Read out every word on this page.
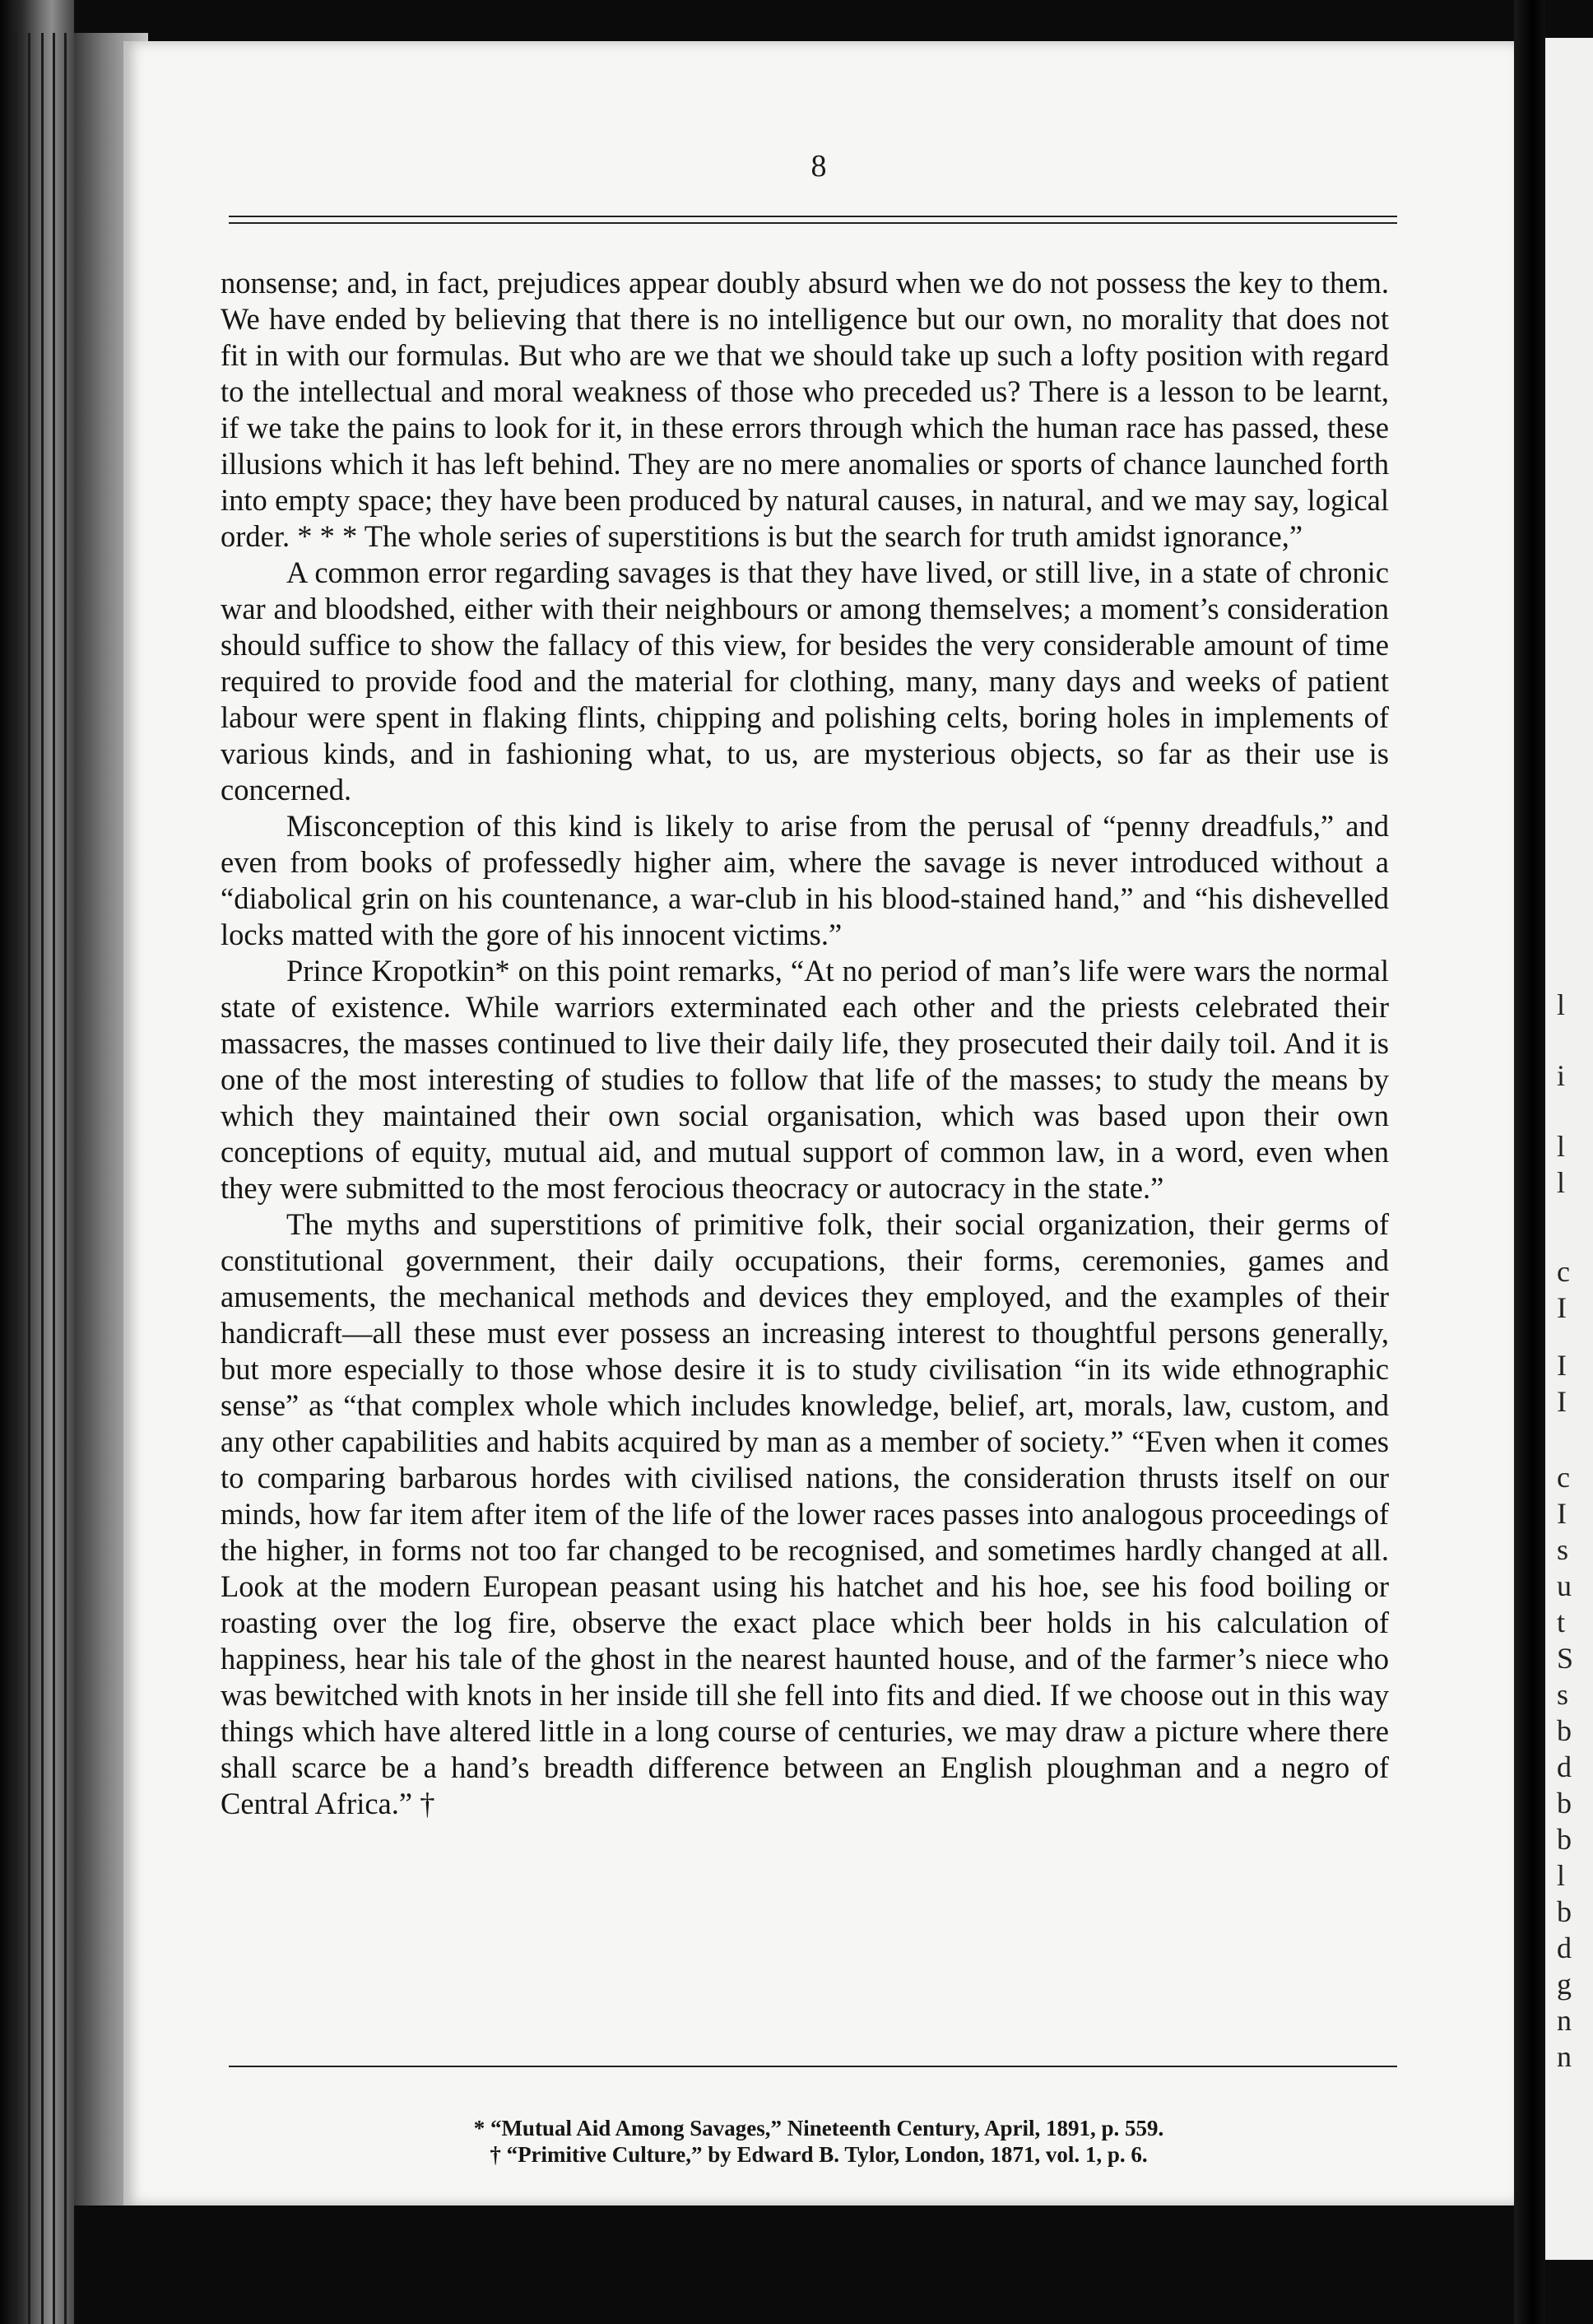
8

nonsense; and, in fact, prejudices appear doubly absurd when we do not possess the key to them. We have ended by believing that there is no intelligence but our own, no morality that does not fit in with our formulas. But who are we that we should take up such a lofty position with regard to the intellectual and moral weakness of those who preceded us? There is a lesson to be learnt, if we take the pains to look for it, in these errors through which the human race has passed, these illusions which it has left behind. They are no mere anomalies or sports of chance launched forth into empty space; they have been produced by natural causes, in natural, and we may say, logical order. * * * The whole series of superstitions is but the search for truth amidst ignorance,”

A common error regarding savages is that they have lived, or still live, in a state of chronic war and bloodshed, either with their neighbours or among themselves; a moment’s consideration should suffice to show the fallacy of this view, for besides the very considerable amount of time required to provide food and the material for clothing, many, many days and weeks of patient labour were spent in flaking flints, chipping and polishing celts, boring holes in implements of various kinds, and in fashioning what, to us, are mysterious objects, so far as their use is concerned.

Misconception of this kind is likely to arise from the perusal of “penny dreadfuls,” and even from books of professedly higher aim, where the savage is never introduced without a “diabolical grin on his countenance, a war-club in his blood-stained hand,” and “his dishevelled locks matted with the gore of his innocent victims.”

Prince Kropotkin* on this point remarks, “At no period of man’s life were wars the normal state of existence. While warriors exterminated each other and the priests celebrated their massacres, the masses continued to live their daily life, they prosecuted their daily toil. And it is one of the most interesting of studies to follow that life of the masses; to study the means by which they maintained their own social organisation, which was based upon their own conceptions of equity, mutual aid, and mutual support of common law, in a word, even when they were submitted to the most ferocious theocracy or autocracy in the state.”

The myths and superstitions of primitive folk, their social organization, their germs of constitutional government, their daily occupations, their forms, ceremonies, games and amusements, the mechanical methods and devices they employed, and the examples of their handicraft—all these must ever possess an increasing interest to thoughtful persons generally, but more especially to those whose desire it is to study civilisation “in its wide ethnographic sense” as “that complex whole which includes knowledge, belief, art, morals, law, custom, and any other capabilities and habits acquired by man as a member of society.” “Even when it comes to comparing barbarous hordes with civilised nations, the consideration thrusts itself on our minds, how far item after item of the life of the lower races passes into analogous proceedings of the higher, in forms not too far changed to be recognised, and sometimes hardly changed at all. Look at the modern European peasant using his hatchet and his hoe, see his food boiling or roasting over the log fire, observe the exact place which beer holds in his calculation of happiness, hear his tale of the ghost in the nearest haunted house, and of the farmer’s niece who was bewitched with knots in her inside till she fell into fits and died. If we choose out in this way things which have altered little in a long course of centuries, we may draw a picture where there shall scarce be a hand’s breadth difference between an English ploughman and a negro of Central Africa.” †

* “Mutual Aid Among Savages,” Nineteenth Century, April, 1891, p. 559.
† “Primitive Culture,” by Edward B. Tylor, London, 1871, vol. 1, p. 6.
l
i
l
l
c
I
I
I
c
I
s
u
t
S
s
b
d
b
b
l
b
d
g
n
n
